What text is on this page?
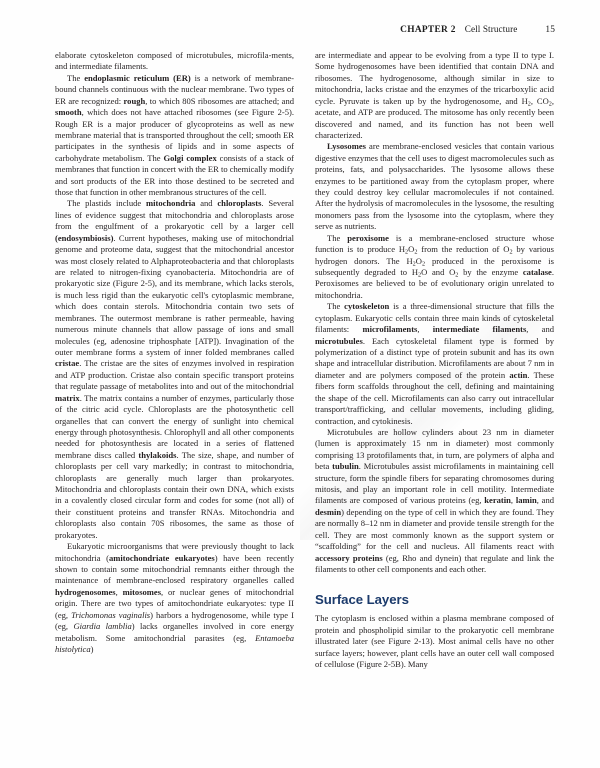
CHAPTER 2 Cell Structure	15

elaborate cytoskeleton composed of microtubules, microfila-ments, and intermediate filaments.

The endoplasmic reticulum (ER) is a network of membrane-bound channels continuous with the nuclear membrane. Two types of ER are recognized: rough, to which 80S ribosomes are attached; and smooth, which does not have attached ribosomes (see Figure 2-5). Rough ER is a major producer of glycoproteins as well as new membrane material that is transported throughout the cell; smooth ER participates in the synthesis of lipids and in some aspects of carbohydrate metabolism. The Golgi complex consists of a stack of membranes that function in concert with the ER to chemically modify and sort products of the ER into those destined to be secreted and those that function in other membranous structures of the cell.

The plastids include mitochondria and chloroplasts. Several lines of evidence suggest that mitochondria and chloroplasts arose from the engulfment of a prokaryotic cell by a larger cell (endosymbiosis). Current hypotheses, making use of mitochondrial genome and proteome data, suggest that the mitochondrial ancestor was most closely related to Alphaproteobacteria and that chloroplasts are related to nitrogen-fixing cyanobacteria. Mitochondria are of prokaryotic size (Figure 2-5), and its membrane, which lacks sterols, is much less rigid than the eukaryotic cell's cytoplasmic membrane, which does contain sterols. Mitochondria contain two sets of membranes. The outermost membrane is rather permeable, having numerous minute channels that allow passage of ions and small molecules (eg, adenosine triphosphate [ATP]). Invagination of the outer membrane forms a system of inner folded membranes called cristae. The cristae are the sites of enzymes involved in respiration and ATP production. Cristae also contain specific transport proteins that regulate passage of metabolites into and out of the mitochondrial matrix. The matrix contains a number of enzymes, particularly those of the citric acid cycle. Chloroplasts are the photosynthetic cell organelles that can convert the energy of sunlight into chemical energy through photosynthesis. Chlorophyll and all other components needed for photosynthesis are located in a series of flattened membrane discs called thylakoids. The size, shape, and number of chloroplasts per cell vary markedly; in contrast to mitochondria, chloroplasts are generally much larger than prokaryotes. Mitochondria and chloroplasts contain their own DNA, which exists in a covalently closed circular form and codes for some (not all) of their constituent proteins and transfer RNAs. Mitochondria and chloroplasts also contain 70S ribosomes, the same as those of prokaryotes.

Eukaryotic microorganisms that were previously thought to lack mitochondria (amitochondriate eukaryotes) have been recently shown to contain some mitochondrial remnants either through the maintenance of membrane-enclosed respiratory organelles called hydrogenosomes, mitosomes, or nuclear genes of mitochondrial origin. There are two types of amitochondriate eukaryotes: type II (eg, Trichomonas vaginalis) harbors a hydrogenosome, while type I (eg, Giardia lamblia) lacks organelles involved in core energy metabolism. Some amitochondrial parasites (eg, Entamoeba histolytica)

are intermediate and appear to be evolving from a type II to type I. Some hydrogenosomes have been identified that contain DNA and ribosomes. The hydrogenosome, although similar in size to mitochondria, lacks cristae and the enzymes of the tricarboxylic acid cycle. Pyruvate is taken up by the hydrogenosome, and $H_2$, $CO_2$, acetate, and ATP are produced. The mitosome has only recently been discovered and named, and its function has not been well characterized.

Lysosomes are membrane-enclosed vesicles that contain various digestive enzymes that the cell uses to digest macromolecules such as proteins, fats, and polysaccharides. The lysosome allows these enzymes to be partitioned away from the cytoplasm proper, where they could destroy key cellular macromolecules if not contained. After the hydrolysis of macromolecules in the lysosome, the resulting monomers pass from the lysosome into the cytoplasm, where they serve as nutrients.

The peroxisome is a membrane-enclosed structure whose function is to produce $H_2O_2$ from the reduction of $O_2$ by various hydrogen donors. The $H_2O_2$ produced in the peroxisome is subsequently degraded to $H_2O$ and $O_2$ by the enzyme catalase. Peroxisomes are believed to be of evolutionary origin unrelated to mitochondria.

The cytoskeleton is a three-dimensional structure that fills the cytoplasm. Eukaryotic cells contain three main kinds of cytoskeletal filaments: microfilaments, intermediate filaments, and microtubules. Each cytoskeletal filament type is formed by polymerization of a distinct type of protein subunit and has its own shape and intracellular distribution. Microfilaments are about 7 nm in diameter and are polymers composed of the protein actin. These fibers form scaffolds throughout the cell, defining and maintaining the shape of the cell. Microfilaments can also carry out intracellular transport/trafficking, and cellular movements, including gliding, contraction, and cytokinesis.

Microtubules are hollow cylinders about 23 nm in diameter (lumen is approximately 15 nm in diameter) most commonly comprising 13 protofilaments that, in turn, are polymers of alpha and beta tubulin. Microtubules assist microfilaments in maintaining cell structure, form the spindle fibers for separating chromosomes during mitosis, and play an important role in cell motility. Intermediate filaments are composed of various proteins (eg, keratin, lamin, and desmin) depending on the type of cell in which they are found. They are normally 8–12 nm in diameter and provide tensile strength for the cell. They are most commonly known as the support system or “scaffolding” for the cell and nucleus. All filaments react with accessory proteins (eg, Rho and dynein) that regulate and link the filaments to other cell components and each other.

Surface Layers

The cytoplasm is enclosed within a plasma membrane composed of protein and phospholipid similar to the prokaryotic cell membrane illustrated later (see Figure 2-13). Most animal cells have no other surface layers; however, plant cells have an outer cell wall composed of cellulose (Figure 2-5B). Many
